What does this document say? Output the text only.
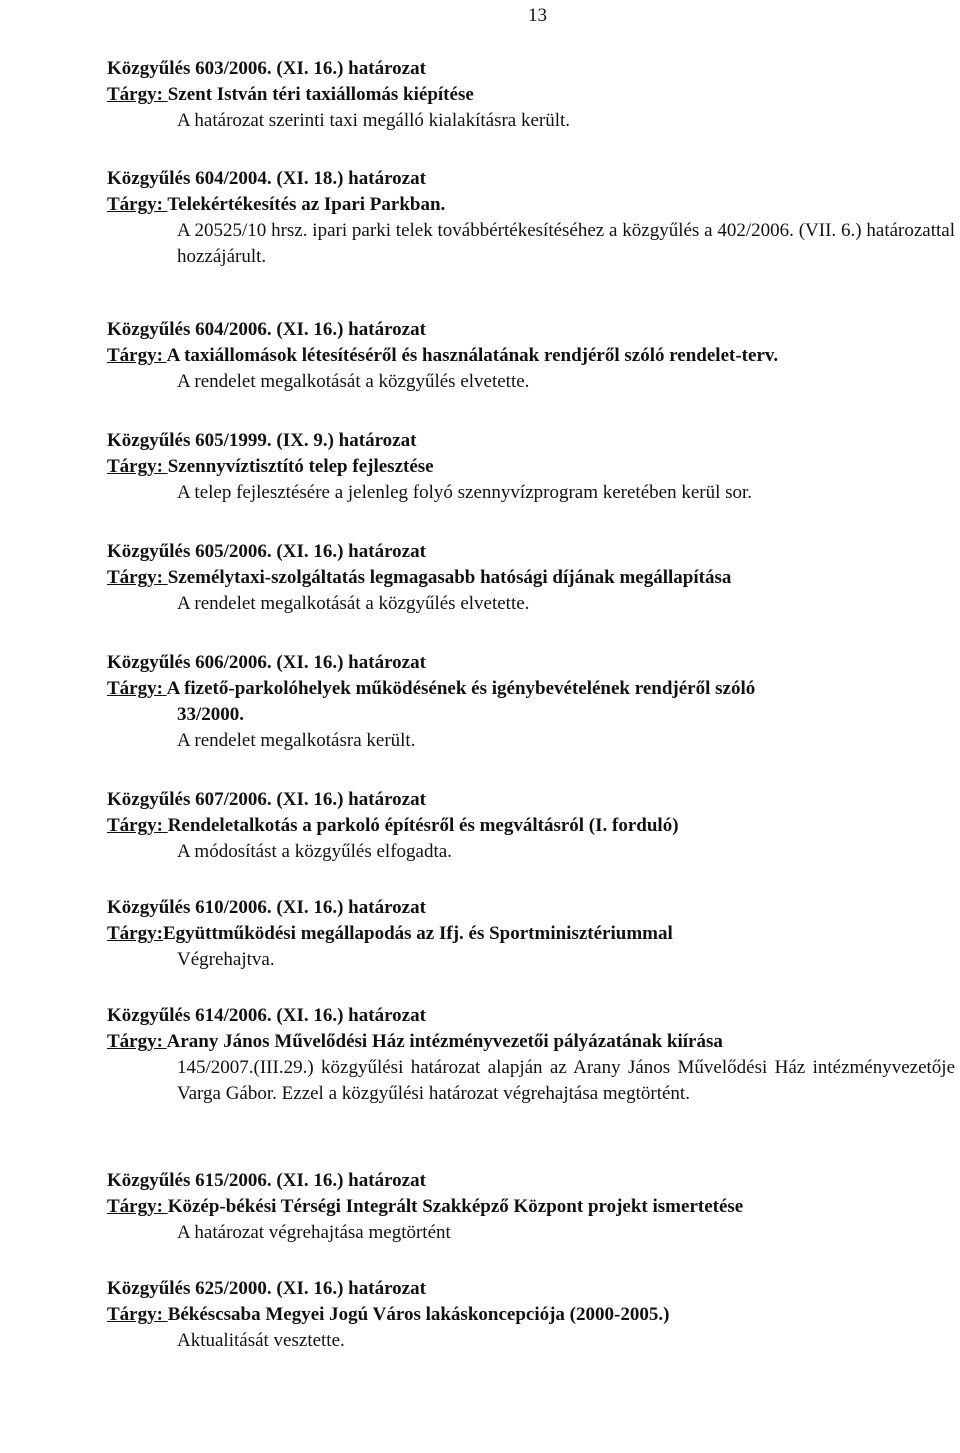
13
Közgyűlés 603/2006. (XI. 16.) határozat
Tárgy: Szent István téri taxiállomás kiépítése
A határozat szerinti taxi megálló kialakításra került.
Közgyűlés 604/2004. (XI. 18.) határozat
Tárgy: Telekértékesítés az Ipari Parkban.
A 20525/10 hrsz. ipari parki telek továbbértékesítéséhez a közgyűlés a 402/2006. (VII. 6.) határozattal hozzájárult.
Közgyűlés 604/2006. (XI. 16.) határozat
Tárgy: A taxiállomások létesítéséről és használatának rendjéről szóló rendelet-terv.
A rendelet megalkotását a közgyűlés elvetette.
Közgyűlés 605/1999. (IX. 9.) határozat
Tárgy: Szennyvíztisztító telep fejlesztése
A telep fejlesztésére a jelenleg folyó szennyvízprogram keretében kerül sor.
Közgyűlés 605/2006. (XI. 16.) határozat
Tárgy: Személytaxi-szolgáltatás legmagasabb hatósági díjának megállapítása
A rendelet megalkotását a közgyűlés elvetette.
Közgyűlés 606/2006. (XI. 16.) határozat
Tárgy: A fizető-parkolóhelyek működésének és igénybevételének rendjéről szóló
33/2000.
A rendelet megalkotásra került.
Közgyűlés 607/2006. (XI. 16.) határozat
Tárgy: Rendeletalkotás a parkoló építésről és megváltásról (I. forduló)
A módosítást a közgyűlés elfogadta.
Közgyűlés 610/2006. (XI. 16.) határozat
Tárgy:Együttműködési megállapodás az Ifj. és Sportminisztériummal
Végrehajtva.
Közgyűlés 614/2006. (XI. 16.) határozat
Tárgy: Arany János Művelődési Ház intézményvezetői pályázatának kiírása
145/2007.(III.29.) közgyűlési határozat alapján az Arany János Művelődési Ház intézményvezetője Varga Gábor. Ezzel a közgyűlési határozat végrehajtása megtörtént.
Közgyűlés 615/2006. (XI. 16.) határozat
Tárgy: Közép-békési Térségi Integrált Szakképző Központ projekt ismertetése
A határozat végrehajtása megtörtént
Közgyűlés 625/2000. (XI. 16.) határozat
Tárgy: Békéscsaba Megyei Jogú Város lakáskoncepciója (2000-2005.)
Aktualitását vesztette.
